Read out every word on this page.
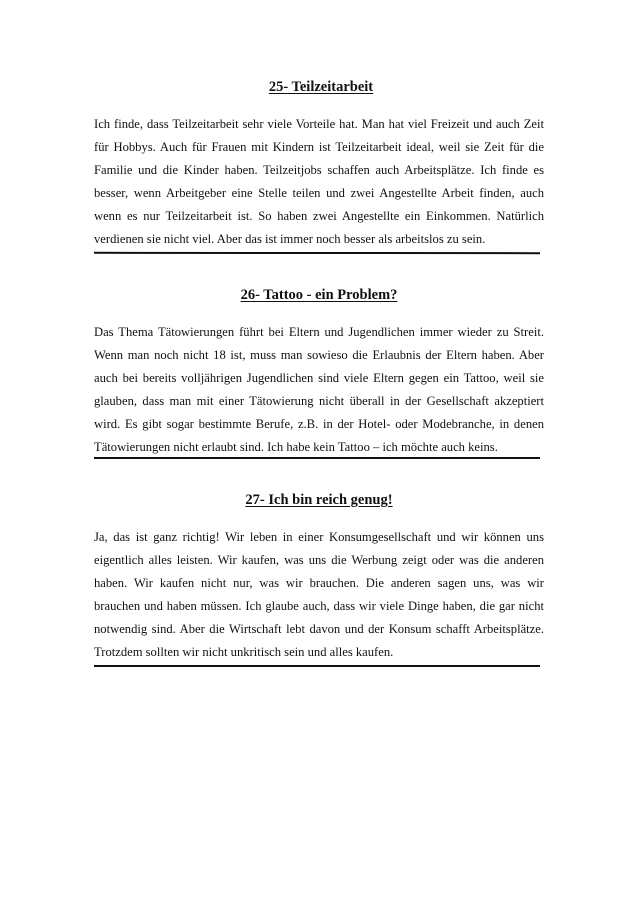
25- Teilzeitarbeit

Ich finde, dass Teilzeitarbeit sehr viele Vorteile hat. Man hat viel Freizeit und auch Zeit für Hobbys. Auch für Frauen mit Kindern ist Teilzeitarbeit ideal, weil sie Zeit für die Familie und die Kinder haben. Teilzeitjobs schaffen auch Arbeitsplätze. Ich finde es besser, wenn Arbeitgeber eine Stelle teilen und zwei Angestellte Arbeit finden, auch wenn es nur Teilzeitarbeit ist. So haben zwei Angestellte ein Einkommen. Natürlich verdienen sie nicht viel. Aber das ist immer noch besser als arbeitslos zu sein.

26- Tattoo - ein Problem?

Das Thema Tätowierungen führt bei Eltern und Jugendlichen immer wieder zu Streit. Wenn man noch nicht 18 ist, muss man sowieso die Erlaubnis der Eltern haben. Aber auch bei bereits volljährigen Jugendlichen sind viele Eltern gegen ein Tattoo, weil sie glauben, dass man mit einer Tätowierung nicht überall in der Gesellschaft akzeptiert wird. Es gibt sogar bestimmte Berufe, z.B. in der Hotel- oder Modebranche, in denen Tätowierungen nicht erlaubt sind. Ich habe kein Tattoo – ich möchte auch keins.

27- Ich bin reich genug!

Ja, das ist ganz richtig! Wir leben in einer Konsumgesellschaft und wir können uns eigentlich alles leisten. Wir kaufen, was uns die Werbung zeigt oder was die anderen haben. Wir kaufen nicht nur, was wir brauchen. Die anderen sagen uns, was wir brauchen und haben müssen. Ich glaube auch, dass wir viele Dinge haben, die gar nicht notwendig sind. Aber die Wirtschaft lebt davon und der Konsum schafft Arbeitsplätze. Trotzdem sollten wir nicht unkritisch sein und alles kaufen.
